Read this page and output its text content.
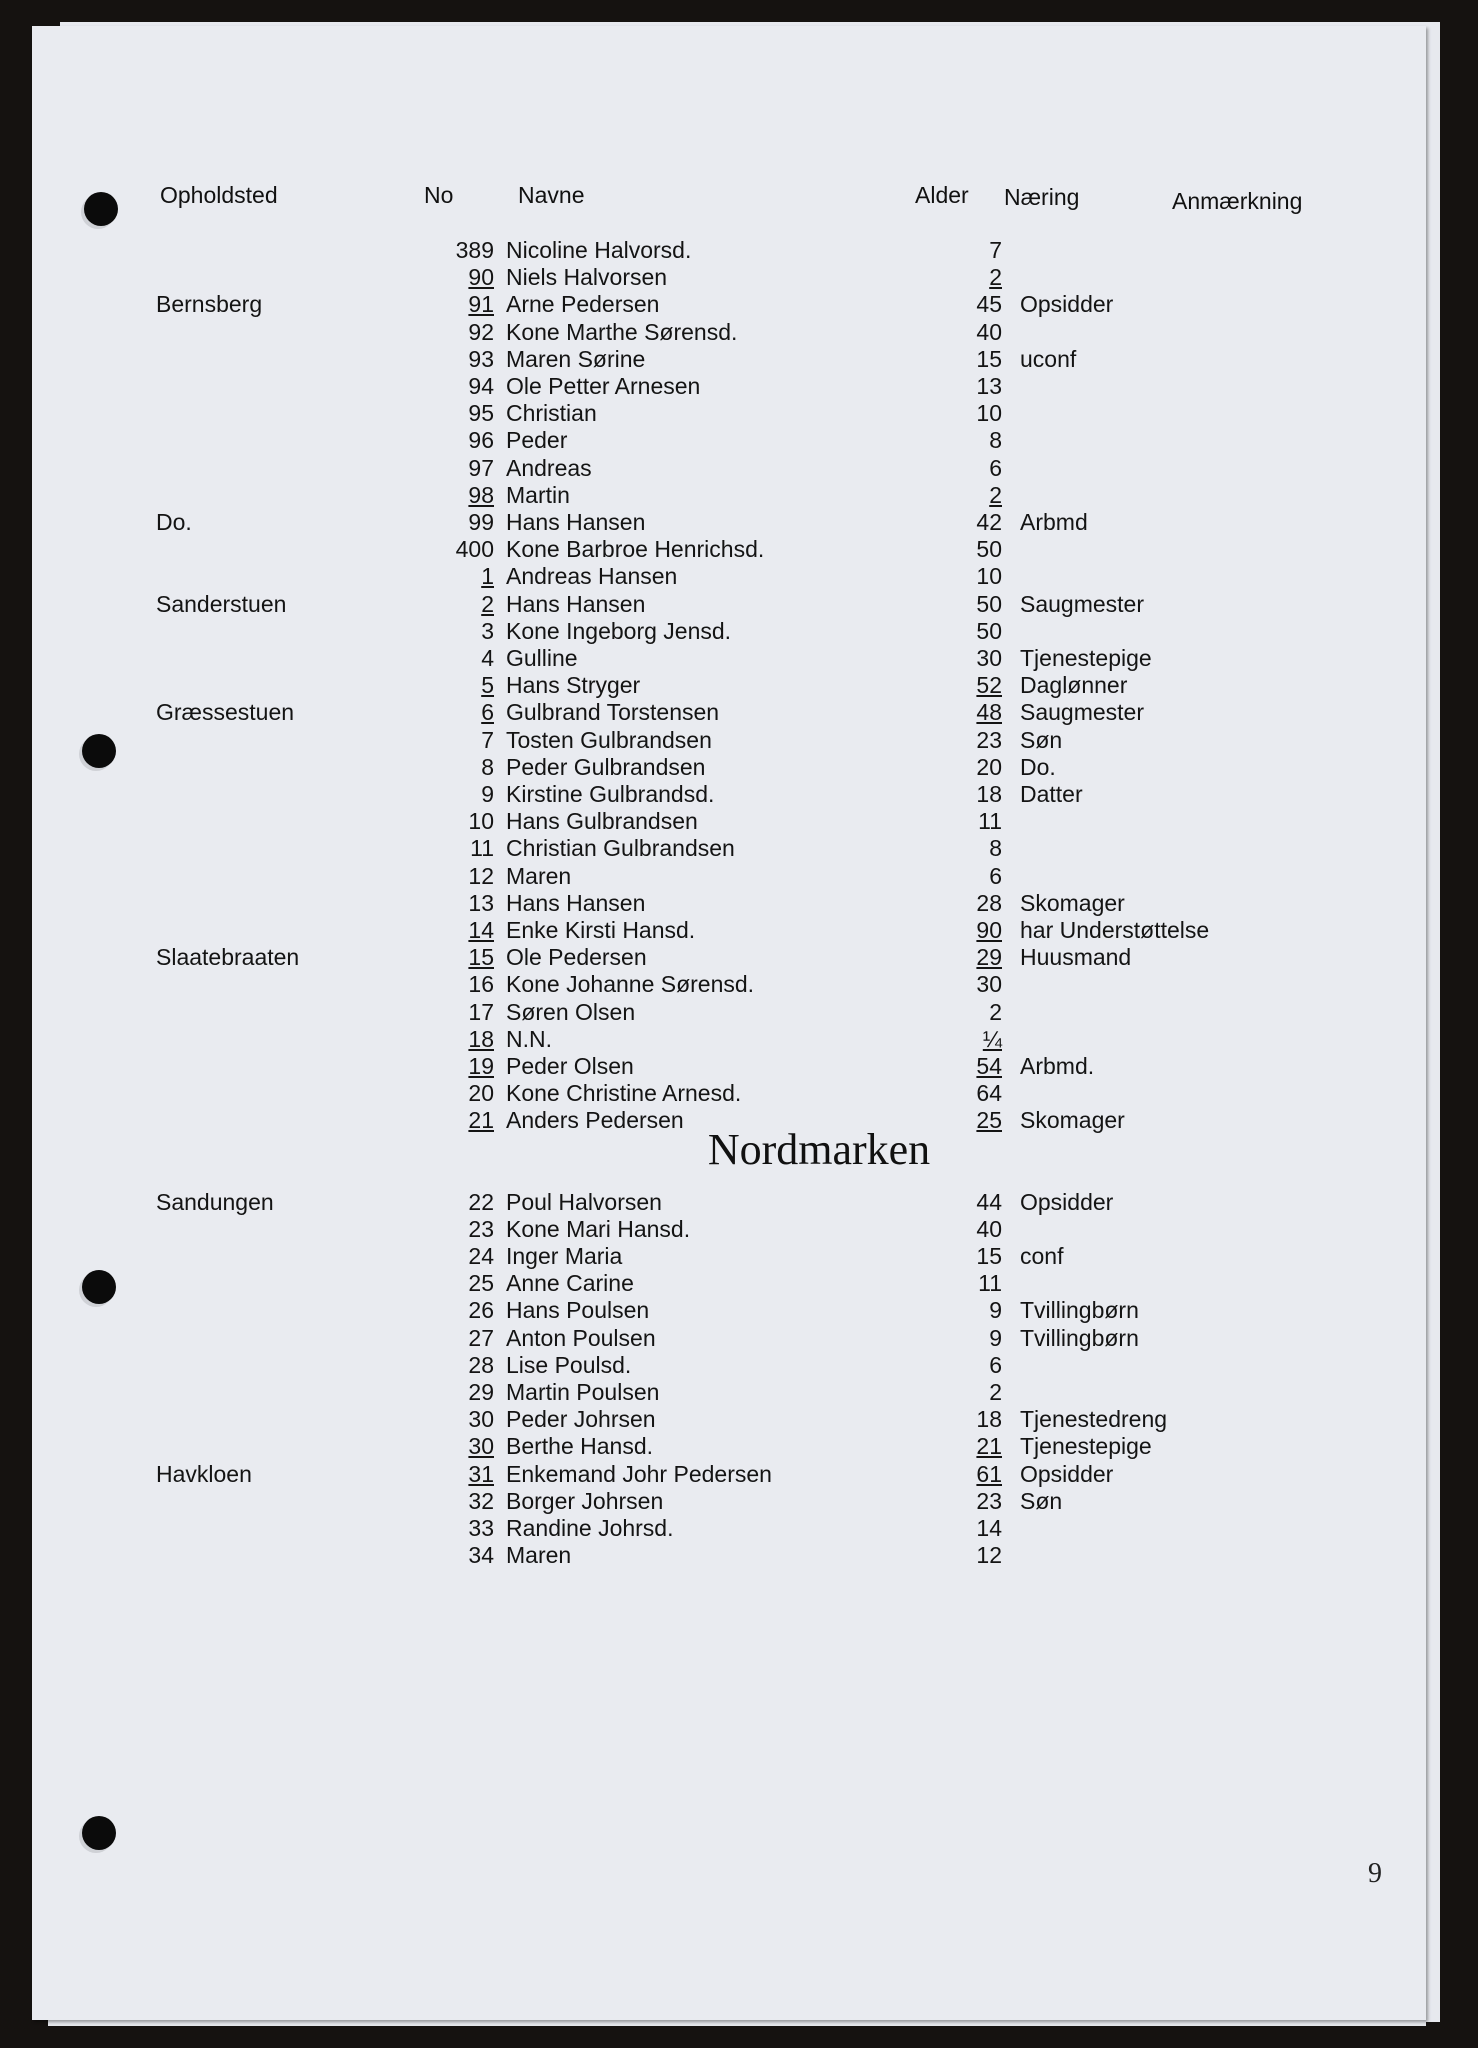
Opholdsted	No	Navne	Alder Næring	Anmærkning
389 Nicoline Halvorsd.	7
90 Niels Halvorsen	2
Bernsberg	91 Arne Pedersen	45 Opsidder
92 Kone Marthe Sørensd.	40
93 Maren Sørine	15 uconf
94 Ole Petter Arnesen	13
95 Christian	10
96 Peder	8
97 Andreas	6
98 Martin	2
Do.	99 Hans Hansen	42 Arbmd
400 Kone Barbroe Henrichsd.	50
1 Andreas Hansen	10
Sanderstuen	2 Hans Hansen	50 Saugmester
3 Kone Ingeborg Jensd.	50
4 Gulline	30 Tjenestepige
5 Hans Stryger	52 Daglønner
Græssestuen	6 Gulbrand Torstensen	48 Saugmester
7 Tosten Gulbrandsen	23 Søn
8 Peder Gulbrandsen	20 Do.
9 Kirstine Gulbrandsd.	18 Datter
10 Hans Gulbrandsen	11
11 Christian Gulbrandsen	8
12 Maren	6
13 Hans Hansen	28 Skomager
14 Enke Kirsti Hansd.	90 har Understøttelse
Slaatebraaten	15 Ole Pedersen	29 Huusmand
16 Kone Johanne Sørensd.	30
17 Søren Olsen	2
18 N.N.	¼
19 Peder Olsen	54 Arbmd.
20 Kone Christine Arnesd.	64
21 Anders Pedersen	25 Skomager
Sandungen	22 Poul Halvorsen	44 Opsidder
23 Kone Mari Hansd.	40
24 Inger Maria	15 conf
25 Anne Carine	11
26 Hans Poulsen	9 Tvillingbørn
27 Anton Poulsen	9 Tvillingbørn
28 Lise Poulsd.	6
29 Martin Poulsen	2
30 Peder Johrsen	18 Tjenestedreng
30 Berthe Hansd.	21 Tjenestepige
Havkloen	31 Enkemand Johr Pedersen	61 Opsidder
32 Borger Johrsen	23 Søn
33 Randine Johrsd.	14
34 Maren	12
Nordmarken
9
